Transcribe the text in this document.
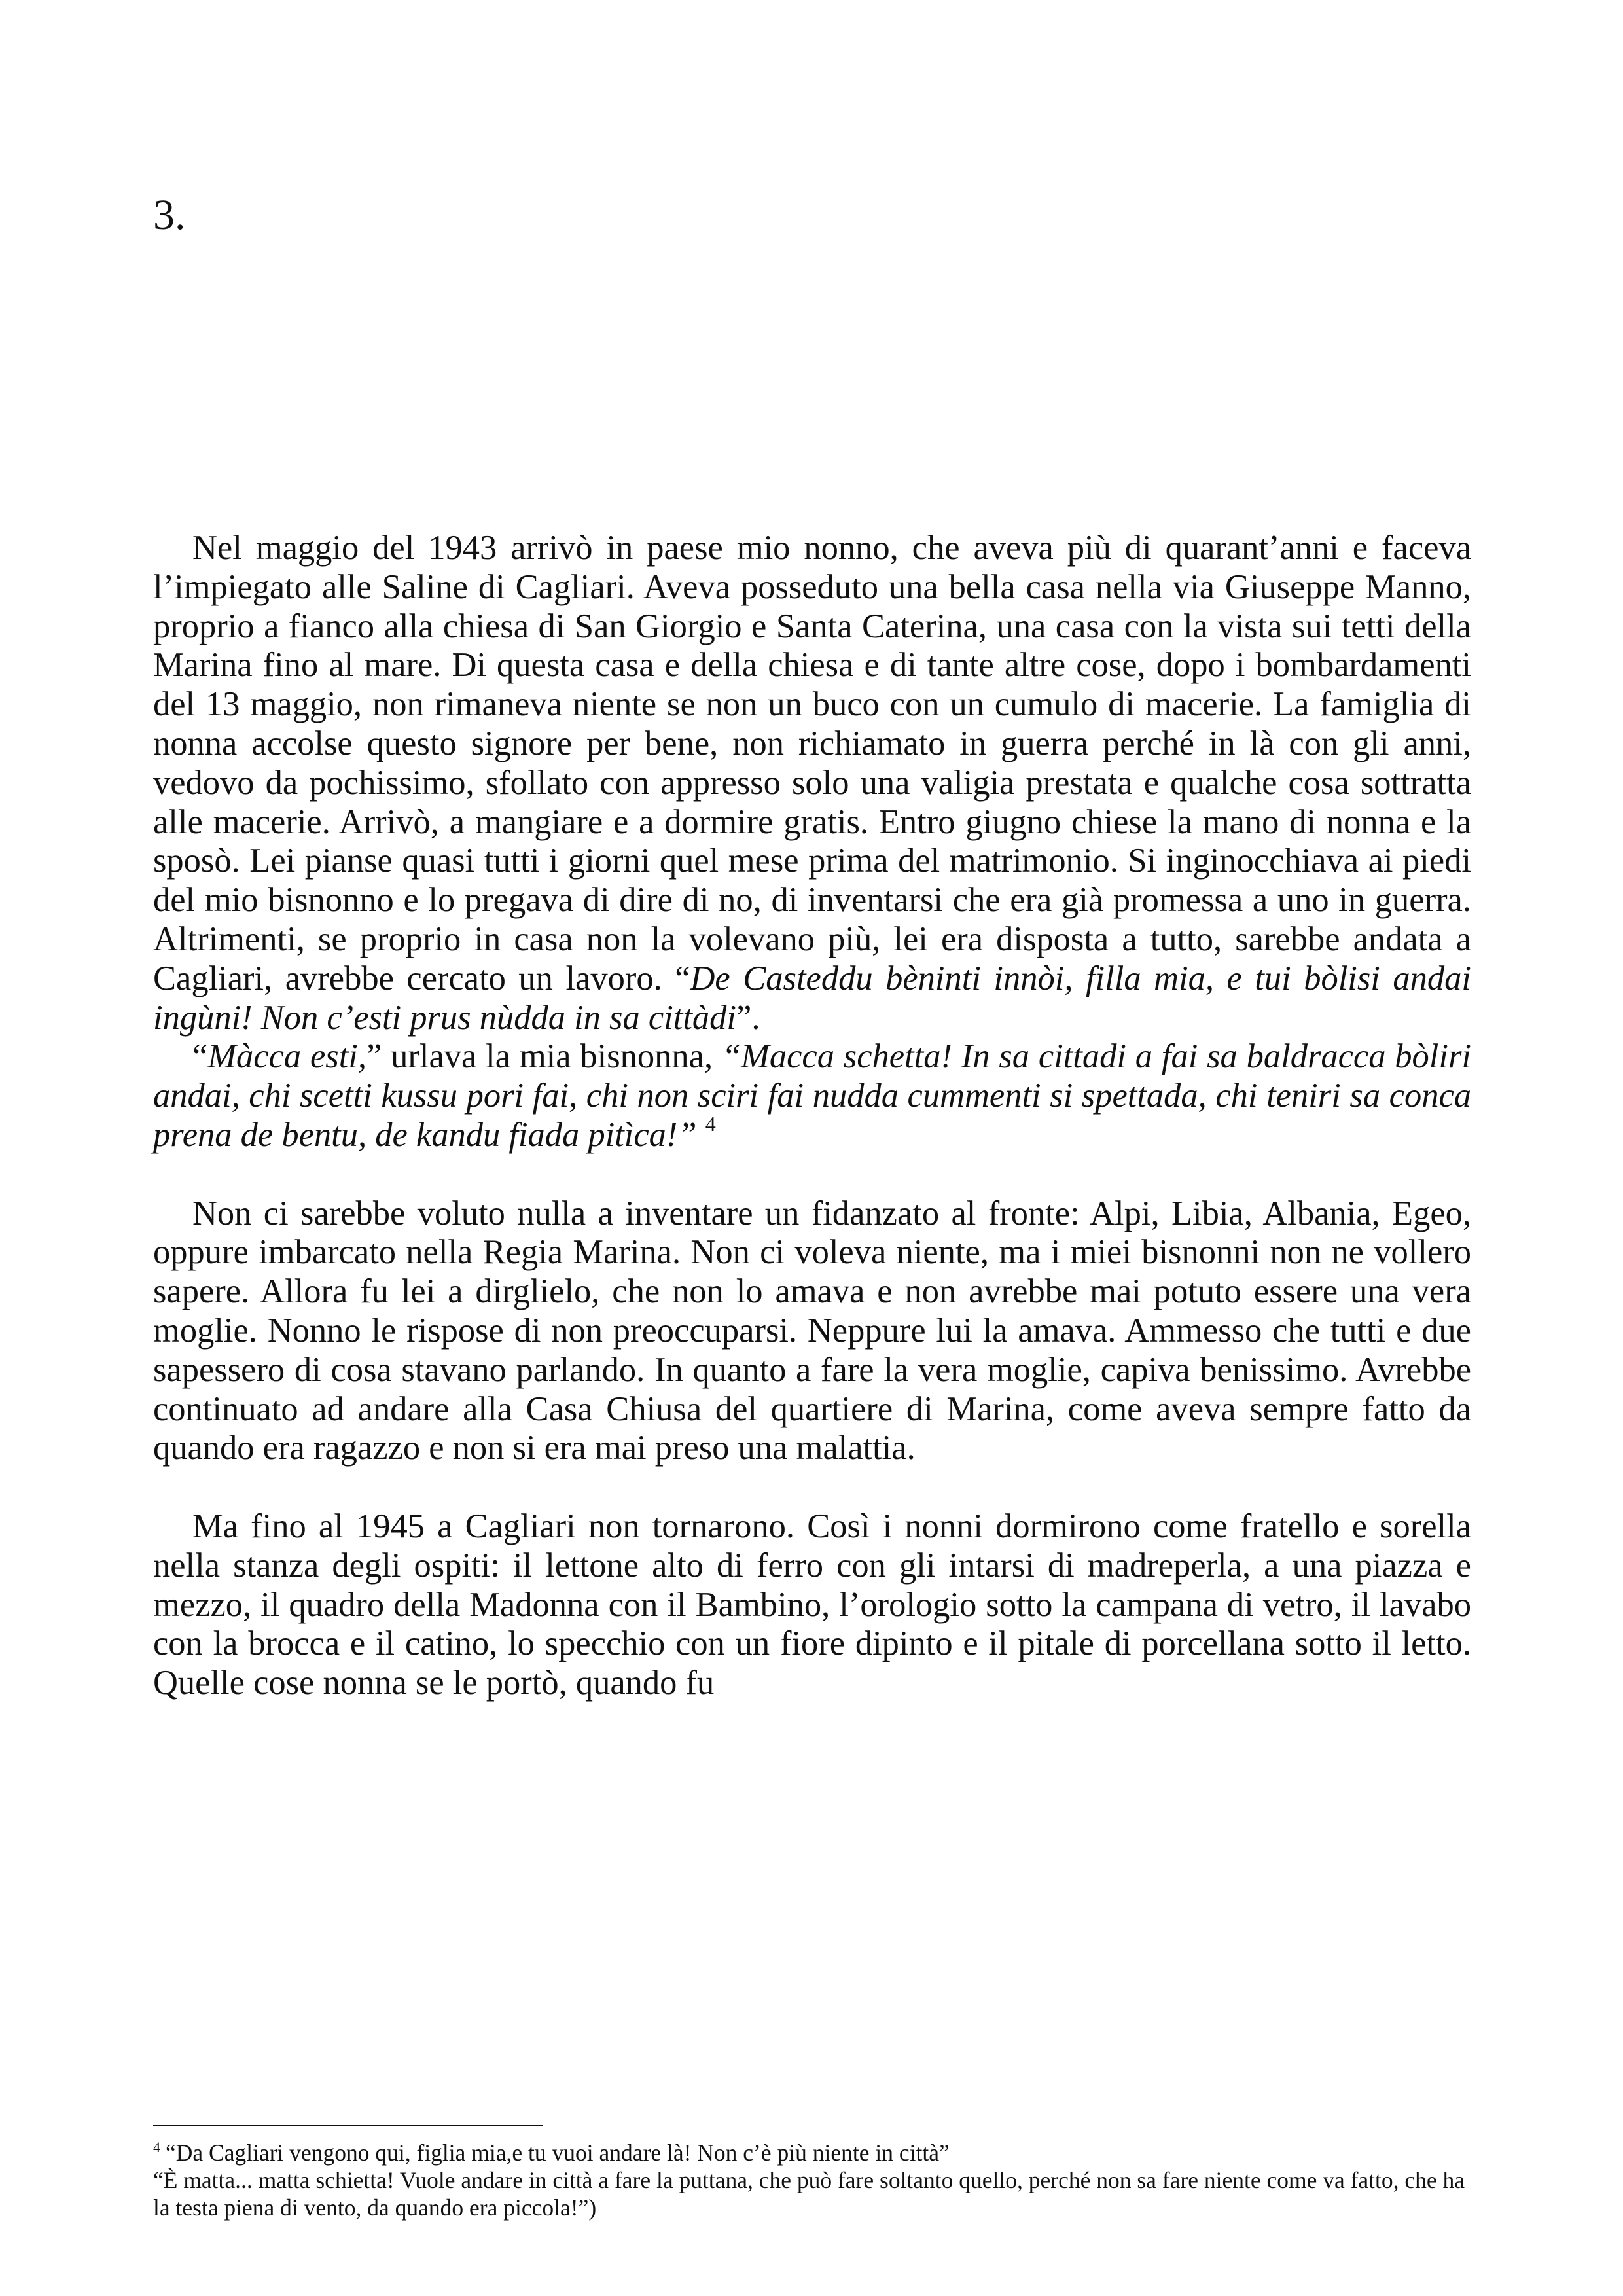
3.

Nel maggio del 1943 arrivò in paese mio nonno, che aveva più di quarant’anni e faceva l’impiegato alle Saline di Cagliari. Aveva posseduto una bella casa nella via Giuseppe Manno, proprio a fianco alla chiesa di San Giorgio e Santa Caterina, una casa con la vista sui tetti della Marina fino al mare. Di questa casa e della chiesa e di tante altre cose, dopo i bombardamenti del 13 maggio, non rimaneva niente se non un buco con un cumulo di macerie. La famiglia di nonna accolse questo signore per bene, non richiamato in guerra perché in là con gli anni, vedovo da pochissimo, sfollato con appresso solo una valigia prestata e qualche cosa sottratta alle macerie. Arrivò, a mangiare e a dormire gratis. Entro giugno chiese la mano di nonna e la sposò. Lei pianse quasi tutti i giorni quel mese prima del matrimonio. Si inginocchiava ai piedi del mio bisnonno e lo pregava di dire di no, di inventarsi che era già promessa a uno in guerra. Altrimenti, se proprio in casa non la volevano più, lei era disposta a tutto, sarebbe andata a Cagliari, avrebbe cercato un lavoro. “De Casteddu bèninti innòi, filla mia, e tui bòlisi andai ingùni! Non c’esti prus nùdda in sa cittàdi”.

“Màcca esti,” urlava la mia bisnonna, “Macca schetta! In sa cittadi a fai sa baldracca bòliri andai, chi scetti kussu pori fai, chi non sciri fai nudda cummenti si spettada, chi teniri sa conca prena de bentu, de kandu fiada pitìca!” $^4$

Non ci sarebbe voluto nulla a inventare un fidanzato al fronte: Alpi, Libia, Albania, Egeo, oppure imbarcato nella Regia Marina. Non ci voleva niente, ma i miei bisnonni non ne vollero sapere. Allora fu lei a dirglielo, che non lo amava e non avrebbe mai potuto essere una vera moglie. Nonno le rispose di non preoccuparsi. Neppure lui la amava. Ammesso che tutti e due sapessero di cosa stavano parlando. In quanto a fare la vera moglie, capiva benissimo. Avrebbe continuato ad andare alla Casa Chiusa del quartiere di Marina, come aveva sempre fatto da quando era ragazzo e non si era mai preso una malattia.

Ma fino al 1945 a Cagliari non tornarono. Così i nonni dormirono come fratello e sorella nella stanza degli ospiti: il lettone alto di ferro con gli intarsi di madreperla, a una piazza e mezzo, il quadro della Madonna con il Bambino, l’orologio sotto la campana di vetro, il lavabo con la brocca e il catino, lo specchio con un fiore dipinto e il pitale di porcellana sotto il letto. Quelle cose nonna se le portò, quando fu

$^4$ “Da Cagliari vengono qui, figlia mia,e tu vuoi andare là! Non c’è più niente in città”

“È matta... matta schietta! Vuole andare in città a fare la puttana, che può fare soltanto quello, perché non sa fare niente come va fatto, che ha la testa piena di vento, da quando era piccola!”)
